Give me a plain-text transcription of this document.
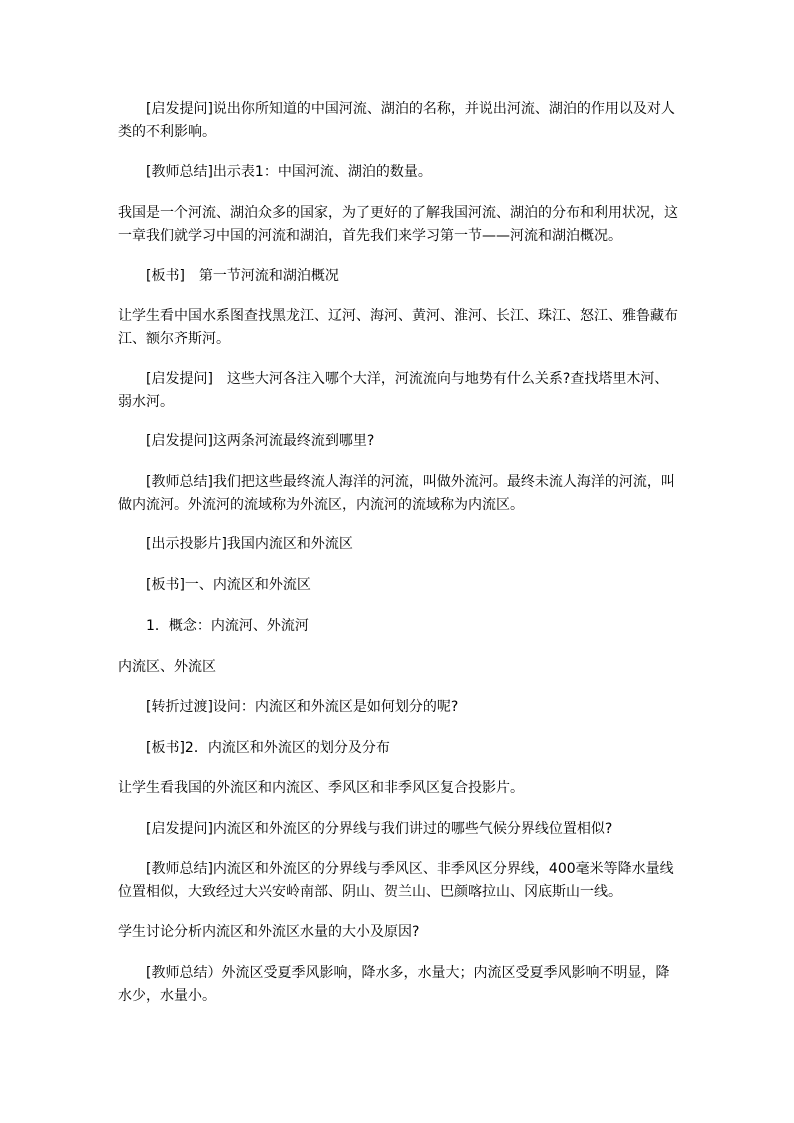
[启发提问]说出你所知道的中国河流、湖泊的名称，并说出河流、湖泊的作用以及对人类的不利影响。
[教师总结]出示表1：中国河流、湖泊的数量。
我国是一个河流、湖泊众多的国家，为了更好的了解我国河流、湖泊的分布和利用状况，这一章我们就学习中国的河流和湖泊，首先我们来学习第一节——河流和湖泊概况。
[板书]　第一节河流和湖泊概况
让学生看中国水系图查找黑龙江、辽河、海河、黄河、淮河、长江、珠江、怒江、雅鲁藏布江、额尔齐斯河。
[启发提问]　这些大河各注入哪个大洋，河流流向与地势有什么关系?查找塔里木河、弱水河。
[启发提问]这两条河流最终流到哪里?
[教师总结]我们把这些最终流人海洋的河流，叫做外流河。最终未流人海洋的河流，叫做内流河。外流河的流域称为外流区，内流河的流域称为内流区。
[出示投影片]我国内流区和外流区
[板书]一、内流区和外流区
1．概念：内流河、外流河
内流区、外流区
[转折过渡]设问：内流区和外流区是如何划分的呢?
[板书]2．内流区和外流区的划分及分布
让学生看我国的外流区和内流区、季风区和非季风区复合投影片。
[启发提问]内流区和外流区的分界线与我们讲过的哪些气候分界线位置相似?
[教师总结]内流区和外流区的分界线与季风区、非季风区分界线，400毫米等降水量线位置相似，大致经过大兴安岭南部、阴山、贺兰山、巴颜喀拉山、冈底斯山一线。
学生讨论分析内流区和外流区水量的大小及原因?
[教师总结）外流区受夏季风影响，降水多，水量大；内流区受夏季风影响不明显，降水少，水量小。
